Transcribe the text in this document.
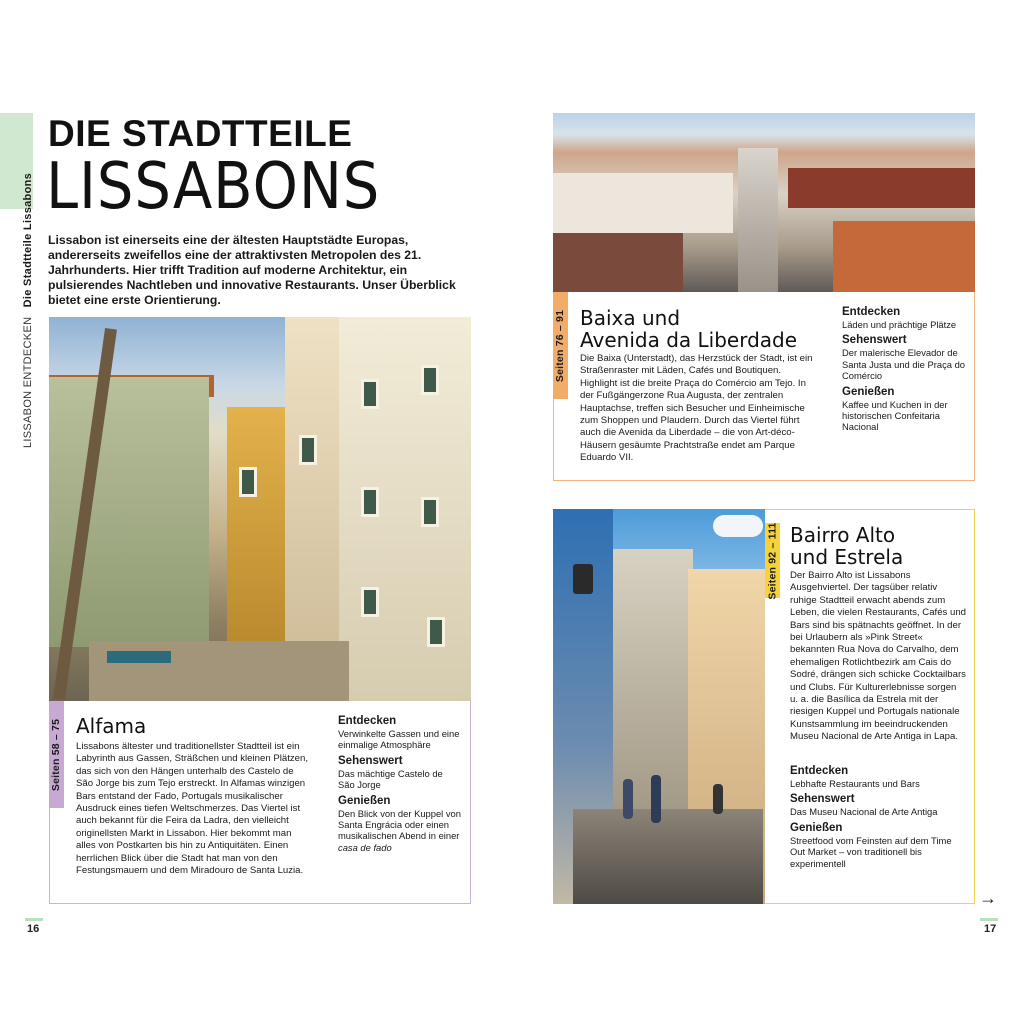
LISSABON ENTDECKEN Die Stadtteile Lissabons
DIE STADTTEILE
LISSABONS

Lissabon ist einerseits eine der ältesten Hauptstädte Europas, andererseits zweifellos eine der attraktivsten Metropolen des 21. Jahrhunderts. Hier trifft Tradition auf moderne Architektur, ein pulsierendes Nachtleben und innovative Restaurants. Unser Überblick bietet eine erste Orientierung.

Seiten 58 – 75 Alfama

Lissabons ältester und traditionellster Stadtteil ist ein Labyrinth aus Gassen, Sträßchen und kleinen Plätzen, das sich von den Hängen unterhalb des Castelo de São Jorge bis zum Tejo erstreckt. In Alfamas winzigen Bars entstand der Fado, Portugals musikalischer Ausdruck eines tiefen Weltschmerzes. Das Viertel ist auch bekannt für die Feira da Ladra, den vielleicht originellsten Markt in Lissabon. Hier bekommt man alles von Postkarten bis hin zu Antiquitäten. Einen herrlichen Blick über die Stadt hat man von den Festungsmauern und dem Miradouro de Santa Luzia.

Entdecken
Verwinkelte Gassen und eine einmalige Atmosphäre
Sehenswert
Das mächtige Castelo de São Jorge
Genießen
Den Blick von der Kuppel von Santa Engrácia oder einen musikalischen Abend in einer casa de fado
16
Seiten 76 – 91 Baixa und
Avenida da Liberdade

Die Baixa (Unterstadt), das Herzstück der Stadt, ist ein Straßenraster mit Läden, Cafés und Boutiquen. Highlight ist die breite Praça do Comércio am Tejo. In der Fußgängerzone Rua Augusta, der zentralen Hauptachse, treffen sich Besucher und Einheimische zum Shoppen und Plaudern. Durch das Viertel führt auch die Avenida da Liberdade – die von Art-déco-Häusern gesäumte Prachtstraße endet am Parque Eduardo VII.

Entdecken
Läden und prächtige Plätze
Sehenswert
Der malerische Elevador de Santa Justa und die Praça do Comércio
Genießen
Kaffee und Kuchen in der historischen Confeitaria Nacional
Seiten 92 – 111 Bairro Alto
und Estrela

Der Bairro Alto ist Lissabons Ausgehviertel. Der tagsüber relativ ruhige Stadtteil erwacht abends zum Leben, die vielen Restaurants, Cafés und Bars sind bis spätnachts geöffnet. In der bei Urlaubern als »Pink Street« bekannten Rua Nova do Carvalho, dem ehemaligen Rotlichtbezirk am Cais do Sodré, drängen sich schicke Cocktailbars und Clubs. Für Kulturerlebnisse sorgen u. a. die Basílica da Estrela mit der riesigen Kuppel und Portugals nationale Kunstsammlung im beeindruckenden Museu Nacional de Arte Antiga in Lapa.

Entdecken
Lebhafte Restaurants und Bars
Sehenswert
Das Museu Nacional de Arte Antiga
Genießen
Streetfood vom Feinsten auf dem Time Out Market – von traditionell bis experimentell
→
17
